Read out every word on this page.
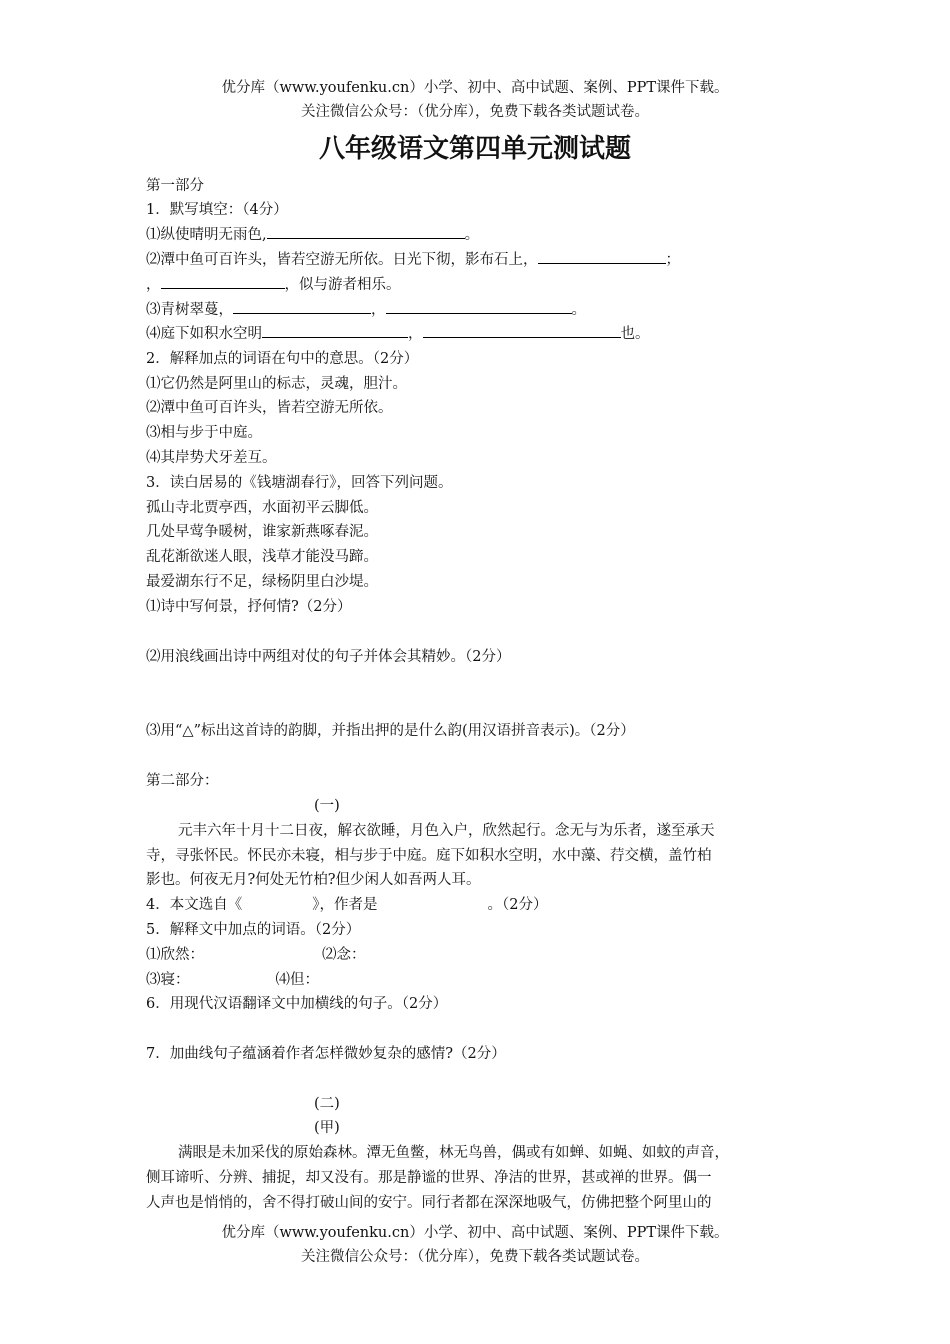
优分库（www.youfenku.cn）小学、初中、高中试题、案例、PPT课件下载。
关注微信公众号：（优分库），免费下载各类试题试卷。
八年级语文第四单元测试题
第一部分
1．默写填空：（4分）
⑴纵使晴明无雨色,	。
⑵潭中鱼可百许头，皆若空游无所依。日光下彻，影布石上，	；
，	，似与游者相乐。
⑶青树翠蔓，	，	。
⑷庭下如积水空明	，	也。
2．解释加点的词语在句中的意思。（2分）
⑴它仍然是阿里山的标志，灵魂，胆汁。
⑵潭中鱼可百许头，皆若空游无所依。
⑶相与步于中庭。
⑷其岸势犬牙差互。
3．读白居易的《钱塘湖春行》，回答下列问题。
孤山寺北贾亭西，水面初平云脚低。
几处早莺争暖树，谁家新燕啄春泥。
乱花渐欲迷人眼，浅草才能没马蹄。
最爱湖东行不足，绿杨阴里白沙堤。
⑴诗中写何景，抒何情?（2分）
⑵用浪线画出诗中两组对仗的句子并体会其精妙。（2分）
⑶用“△”标出这首诗的韵脚，并指出押的是什么韵(用汉语拼音表示)。（2分）
第二部分：
(一)
元丰六年十月十二日夜，解衣欲睡，月色入户，欣然起行。念无与为乐者，遂至承天
寺，寻张怀民。怀民亦未寝，相与步于中庭。庭下如积水空明，水中藻、荇交横，盖竹柏
影也。何夜无月?何处无竹柏?但少闲人如吾两人耳。
4．本文选自《	》，作者是	。（2分）
5．解释文中加点的词语。（2分）
⑴欣然：	⑵念：
⑶寝：	⑷但：
6．用现代汉语翻译文中加横线的句子。（2分）
7．加曲线句子蕴涵着作者怎样微妙复杂的感情?（2分）
(二)
(甲)
满眼是未加采伐的原始森林。潭无鱼鳖，林无鸟兽，偶或有如蝉、如蝇、如蚊的声音，
侧耳谛听、分辨、捕捉，却又没有。那是静谧的世界、净洁的世界，甚或禅的世界。偶一
人声也是悄悄的，舍不得打破山间的安宁。同行者都在深深地吸气，仿佛把整个阿里山的
优分库（www.youfenku.cn）小学、初中、高中试题、案例、PPT课件下载。
关注微信公众号：（优分库），免费下载各类试题试卷。
